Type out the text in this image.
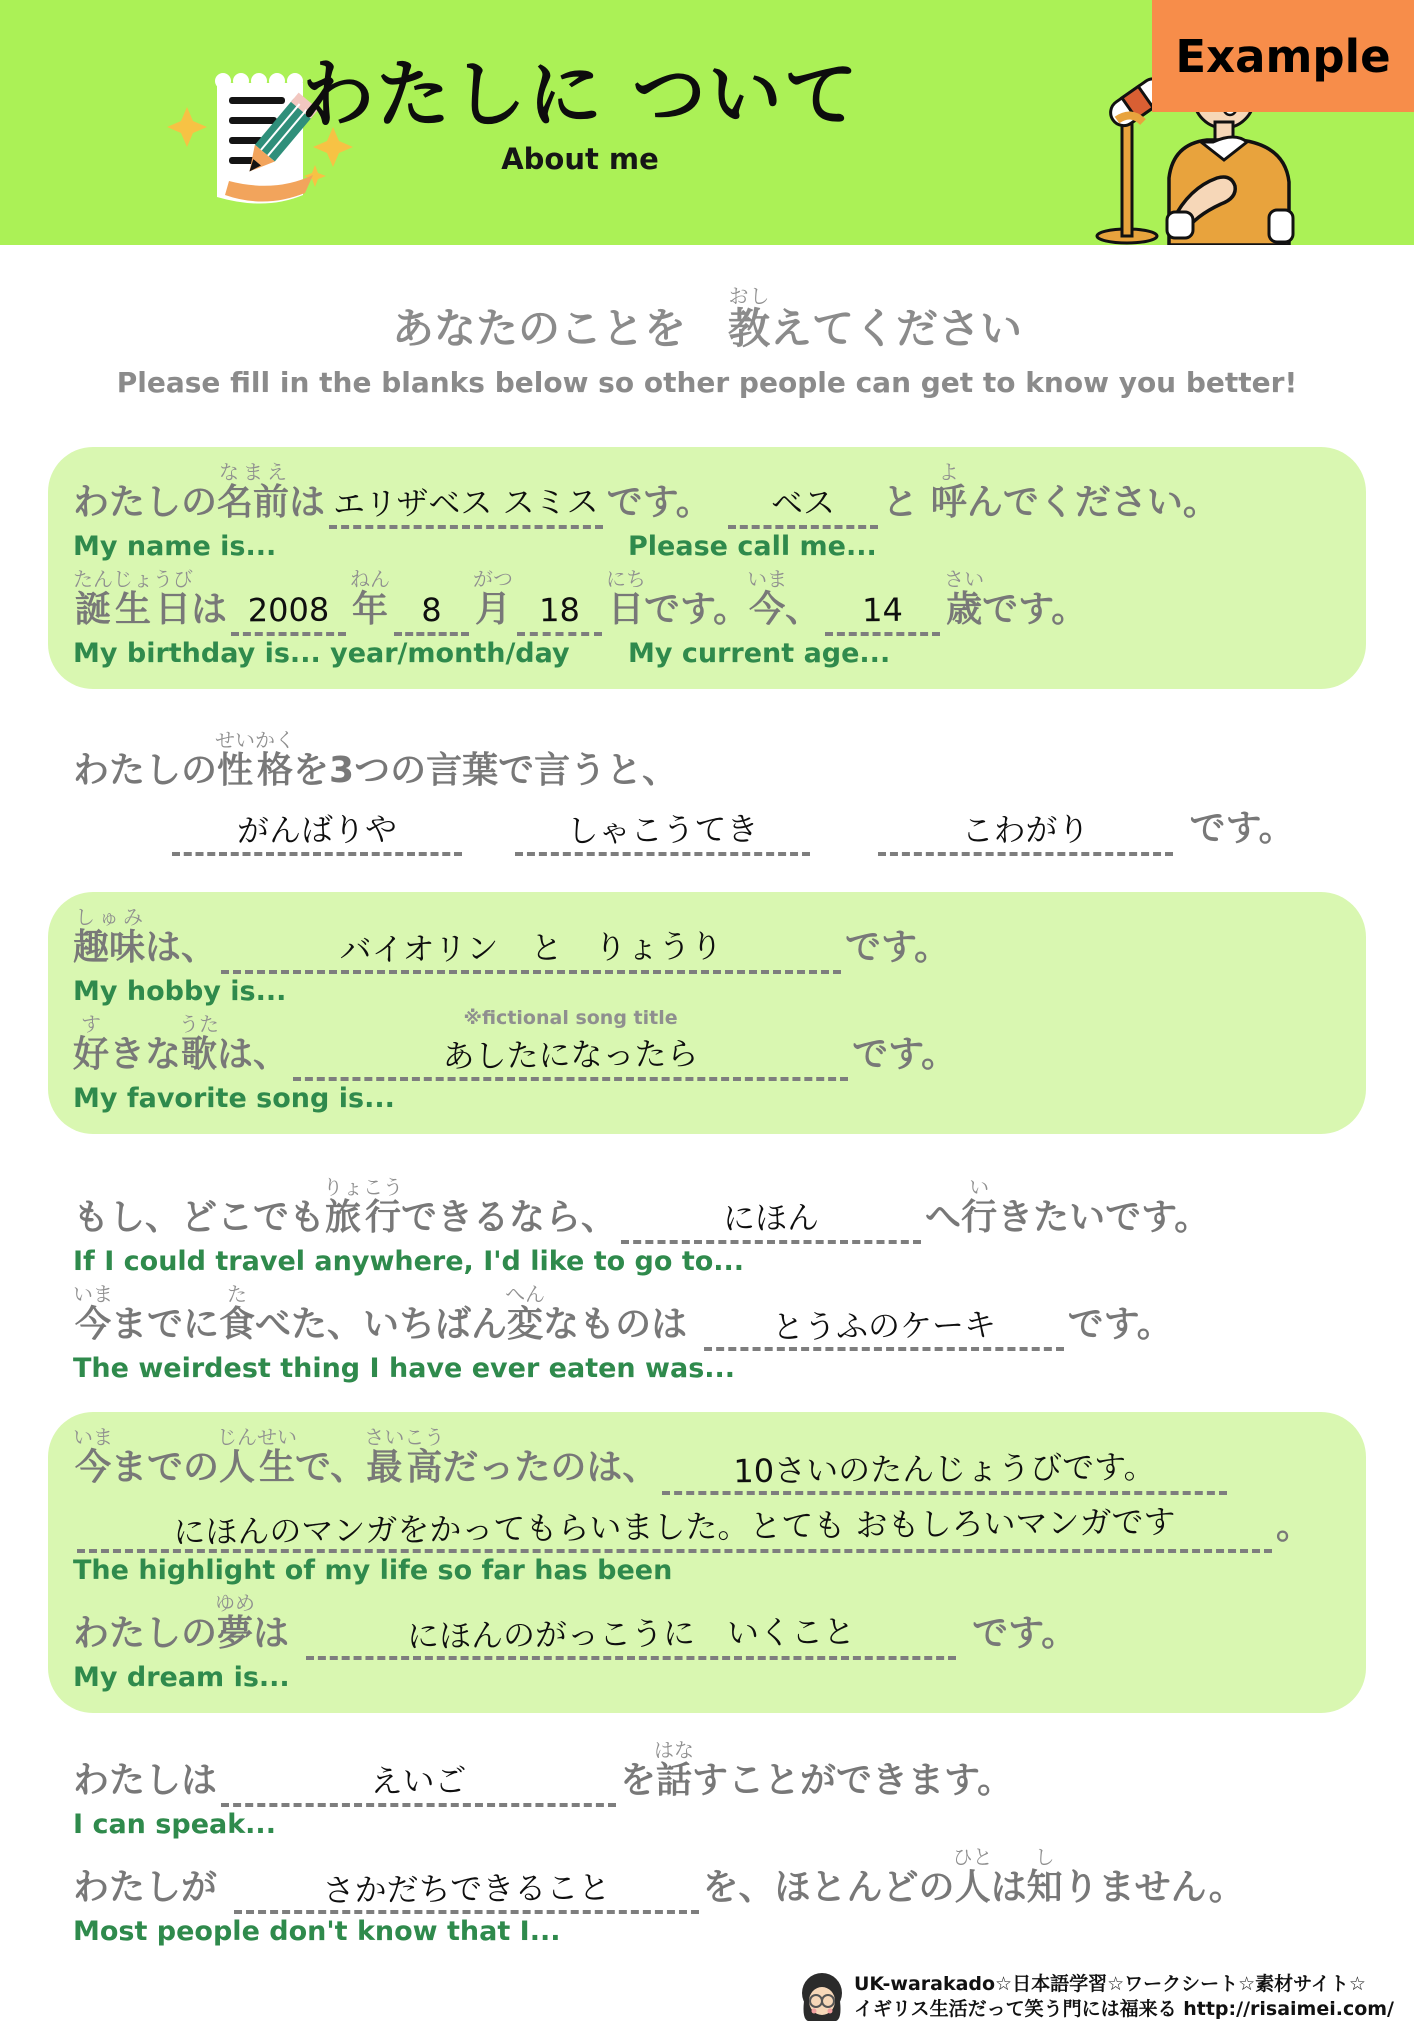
わたしに ついて
About me
Example
あなたのことを　教おしえてください
Please fill in the blanks below so other people can get to know you better!
わたしの名前なまえは エリザベス スミス です。	ベス	と 呼よんでください。
My name is...	Please call me...
誕生日たんじょうびは 2008 年ねん
8 月がつ
18 日にちです。今いま、	14	歳さいです。
My birthday is... year/month/day	My current age...
わたしの性格せいかくを3つの言葉で言うと、
がんばりや	しゃこうてき	こわがり	です。
趣味しゅみは、	バイオリン　と　りょうり	です。
My hobby is...
好すきな歌うたは、
※fictional song title
あしたになったら	です。
My favorite song is...
もし、どこでも旅行りょこうできるなら、	にほん	へ行いきたいです。
If I could travel anywhere, I'd like to go to...
今いままでに食たべた、いちばん変へんなものは	とうふのケーキ	です。
The weirdest thing I have ever eaten was...
今いままでの人生じんせいで、最高さいこうだったのは、	10さいのたんじょうびです。
にほんのマンガをかってもらいました。とても おもしろいマンガです	。
The highlight of my life so far has been
わたしの夢ゆめは	にほんのがっこうに　いくこと	です。
My dream is...
わたしは	えいご	を話はなすことができます。
I can speak...
わたしが	さかだちできること	を、ほとんどの人ひとは知しりません。
Most people don't know that I...
UK-warakado☆日本語学習☆ワークシート☆素材サイト☆
イギリス生活だって笑う門には福来る http://risaimei.com/
